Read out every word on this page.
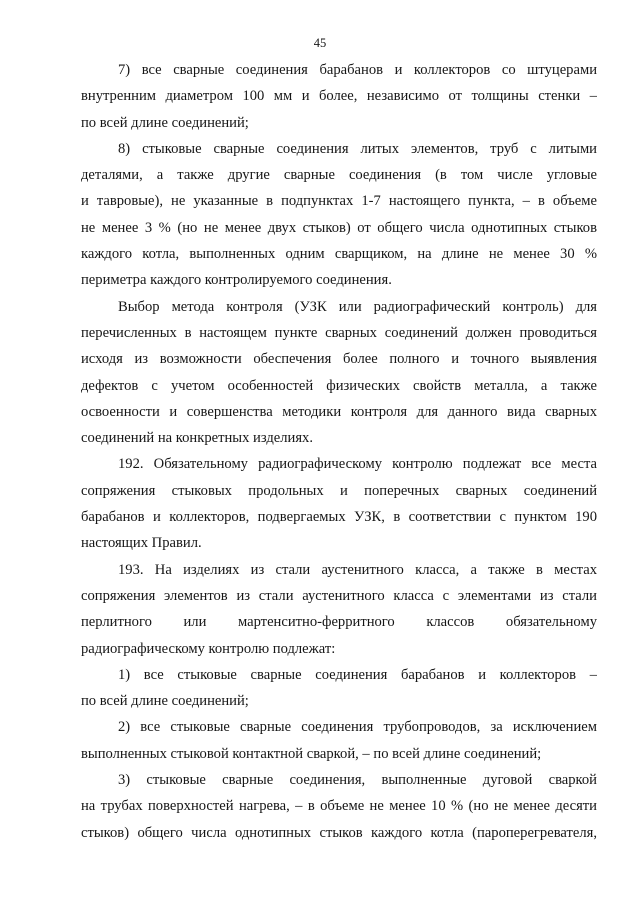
45
7) все сварные соединения барабанов и коллекторов со штуцерами
внутренним диаметром 100 мм и более, независимо от толщины стенки –
по всей длине соединений;
8) стыковые сварные соединения литых элементов, труб с литыми
деталями, а также другие сварные соединения (в том числе угловые
и тавровые), не указанные в подпунктах 1-7 настоящего пункта, – в объеме
не менее 3 % (но не менее двух стыков) от общего числа однотипных стыков
каждого котла, выполненных одним сварщиком, на длине не менее 30 %
периметра каждого контролируемого соединения.
Выбор метода контроля (УЗК или радиографический контроль) для
перечисленных в настоящем пункте сварных соединений должен проводиться
исходя из возможности обеспечения более полного и точного выявления
дефектов с учетом особенностей физических свойств металла, а также
освоенности и совершенства методики контроля для данного вида сварных
соединений на конкретных изделиях.
192. Обязательному радиографическому контролю подлежат все места
сопряжения стыковых продольных и поперечных сварных соединений
барабанов и коллекторов, подвергаемых УЗК, в соответствии с пунктом 190
настоящих Правил.
193. На изделиях из стали аустенитного класса, а также в местах
сопряжения элементов из стали аустенитного класса с элементами из стали
перлитного или мартенситно-ферритного классов обязательному
радиографическому контролю подлежат:
1) все стыковые сварные соединения барабанов и коллекторов –
по всей длине соединений;
2) все стыковые сварные соединения трубопроводов, за исключением
выполненных стыковой контактной сваркой, – по всей длине соединений;
3) стыковые сварные соединения, выполненные дуговой сваркой
на трубах поверхностей нагрева, – в объеме не менее 10 % (но не менее десяти
стыков) общего числа однотипных стыков каждого котла (пароперегревателя,
